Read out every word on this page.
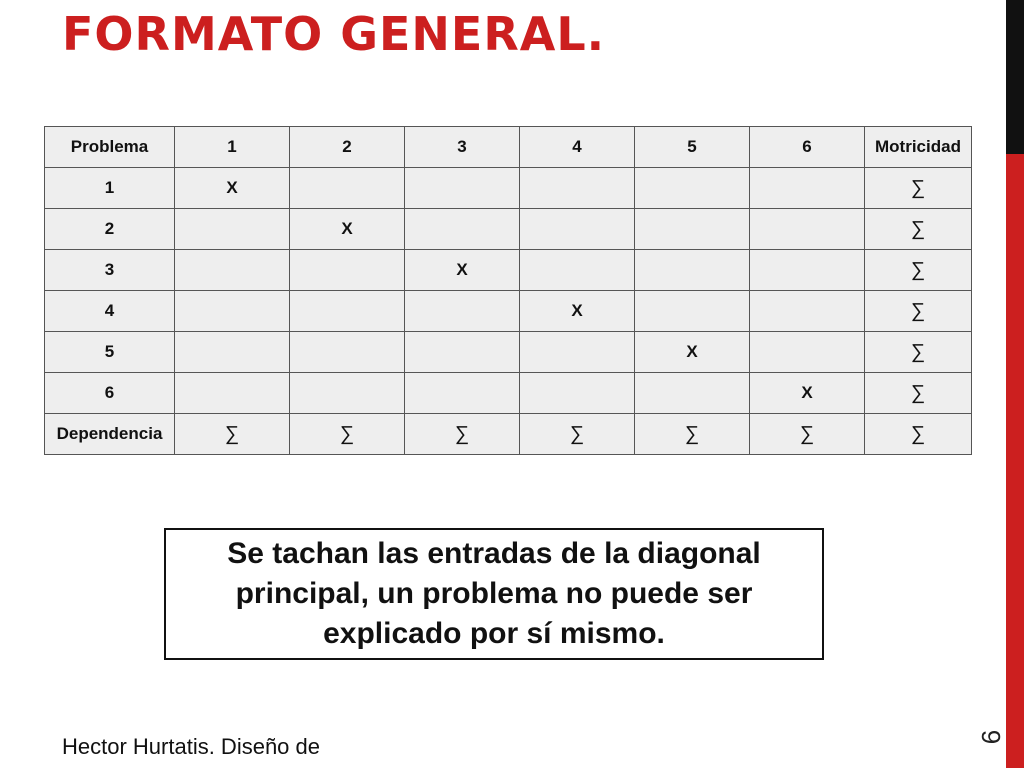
FORMATO GENERAL.
9
Problema	1	2	3	4	5	6	Motricidad
1	X						∑
2		X					∑
3			X				∑
4				X			∑
5					X		∑
6						X	∑
Dependencia	∑	∑	∑	∑	∑	∑	∑
Se tachan las entradas de la diagonal principal, un problema no puede ser explicado por sí mismo.
Hector Hurtatis. Diseño de
